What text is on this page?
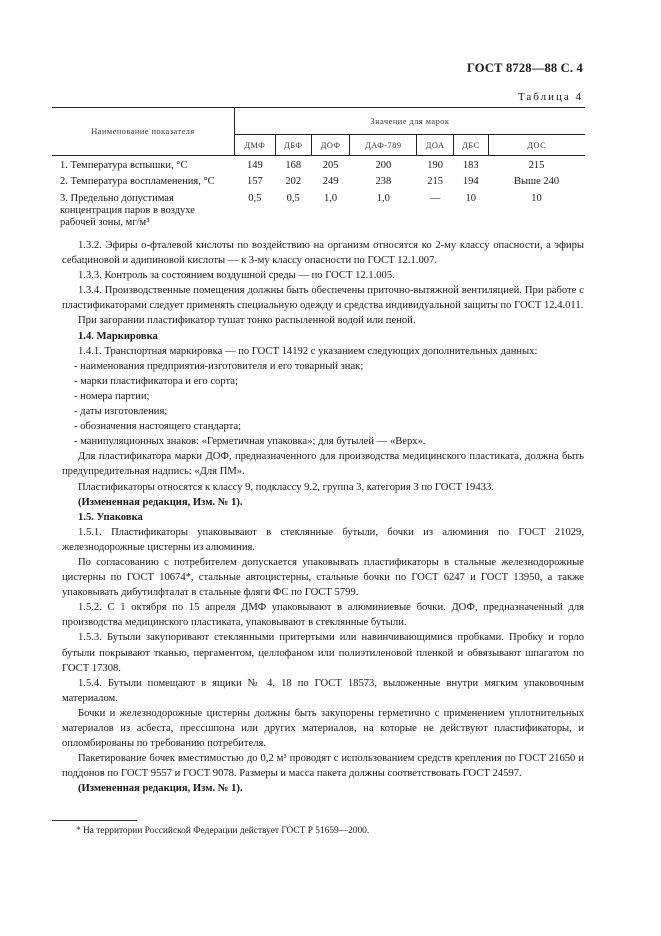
ГОСТ 8728—88 С. 4
Таблица 4
Наименование показателя	Значение для марок						
	ДМФ	ДБФ	ДОФ	ДАФ-789	ДОА	ДБС	ДОС
1. Температура вспышки, °С	149	168	205	200	190	183	215
2. Температура воспламенения, °С	157	202	249	238	215	194	Выше 240
3. Предельно допустимая концентрация паров в воздухе рабочей зоны, мг/м³	0,5	0,5	1,0	1,0	—	10	10

1.3.2. Эфиры о-фталевой кислоты по воздействию на организм относятся ко 2-му классу опасности, а эфиры себациновой и адипиновой кислоты — к 3-му классу опасности по ГОСТ 12.1.007.

1.3.3. Контроль за состоянием воздушной среды — по ГОСТ 12.1.005.

1.3.4. Производственные помещения должны быть обеспечены приточно-вытяжной вентиляцией. При работе с пластификаторами следует применять специальную одежду и средства индивидуальной защиты по ГОСТ 12.4.011.

При загорании пластификатор тушат тонко распыленной водой или пеной.

1.4. Маркировка

1.4.1. Транспортная маркировка — по ГОСТ 14192 с указанием следующих дополнительных данных:

- наименования предприятия-изготовителя и его товарный знак;

- марки пластификатора и его сорта;

- номера партии;

- даты изготовления;

- обозначения настоящего стандарта;

- манипуляционных знаков: «Герметичная упаковка»; для бутылей — «Верх».

Для пластификатора марки ДОФ, предназначенного для производства медицинского пластиката, должна быть предупредительная надпись: «Для ПМ».

Пластификаторы относятся к классу 9, подклассу 9.2, группа 3, категория 3 по ГОСТ 19433.

(Измененная редакция, Изм. № 1).

1.5. Упаковка

1.5.1. Пластификаторы упаковывают в стеклянные бутыли, бочки из алюминия по ГОСТ 21029, железнодорожные цистерны из алюминия.

По согласованию с потребителем допускается упаковывать пластификаторы в стальные железнодорожные цистерны по ГОСТ 10674*, стальные автоцистерны, стальные бочки по ГОСТ 6247 и ГОСТ 13950, а также упаковывать дибутилфталат в стальные фляги ФС по ГОСТ 5799.

1.5.2. С 1 октября по 15 апреля ДМФ упаковывают в алюминиевые бочки. ДОФ, предназначенный для производства медицинского пластиката, упаковывают в стеклянные бутыли.

1.5.3. Бутыли закупоривают стеклянными притертыми или навинчивающимися пробками. Пробку и горло бутыли покрывают тканью, пергаментом, целлофаном или полиэтиленовой пленкой и обвязывают шпагатом по ГОСТ 17308.

1.5.4. Бутыли помещают в ящики № 4, 18 по ГОСТ 18573, выложенные внутри мягким упаковочным материалом.

Бочки и железнодорожные цистерны должны быть закупорены герметично с применением уплотнительных материалов из асбеста, прессшпона или других материалов, на которые не действуют пластификаторы, и опломбированы по требованию потребителя.

Пакетирование бочек вместимостью до 0,2 м³ проводят с использованием средств крепления по ГОСТ 21650 и поддонов по ГОСТ 9557 и ГОСТ 9078. Размеры и масса пакета должны соответствовать ГОСТ 24597.

(Измененная редакция, Изм. № 1).

* На территории Российской Федерации действует ГОСТ Р 51659—2000.
